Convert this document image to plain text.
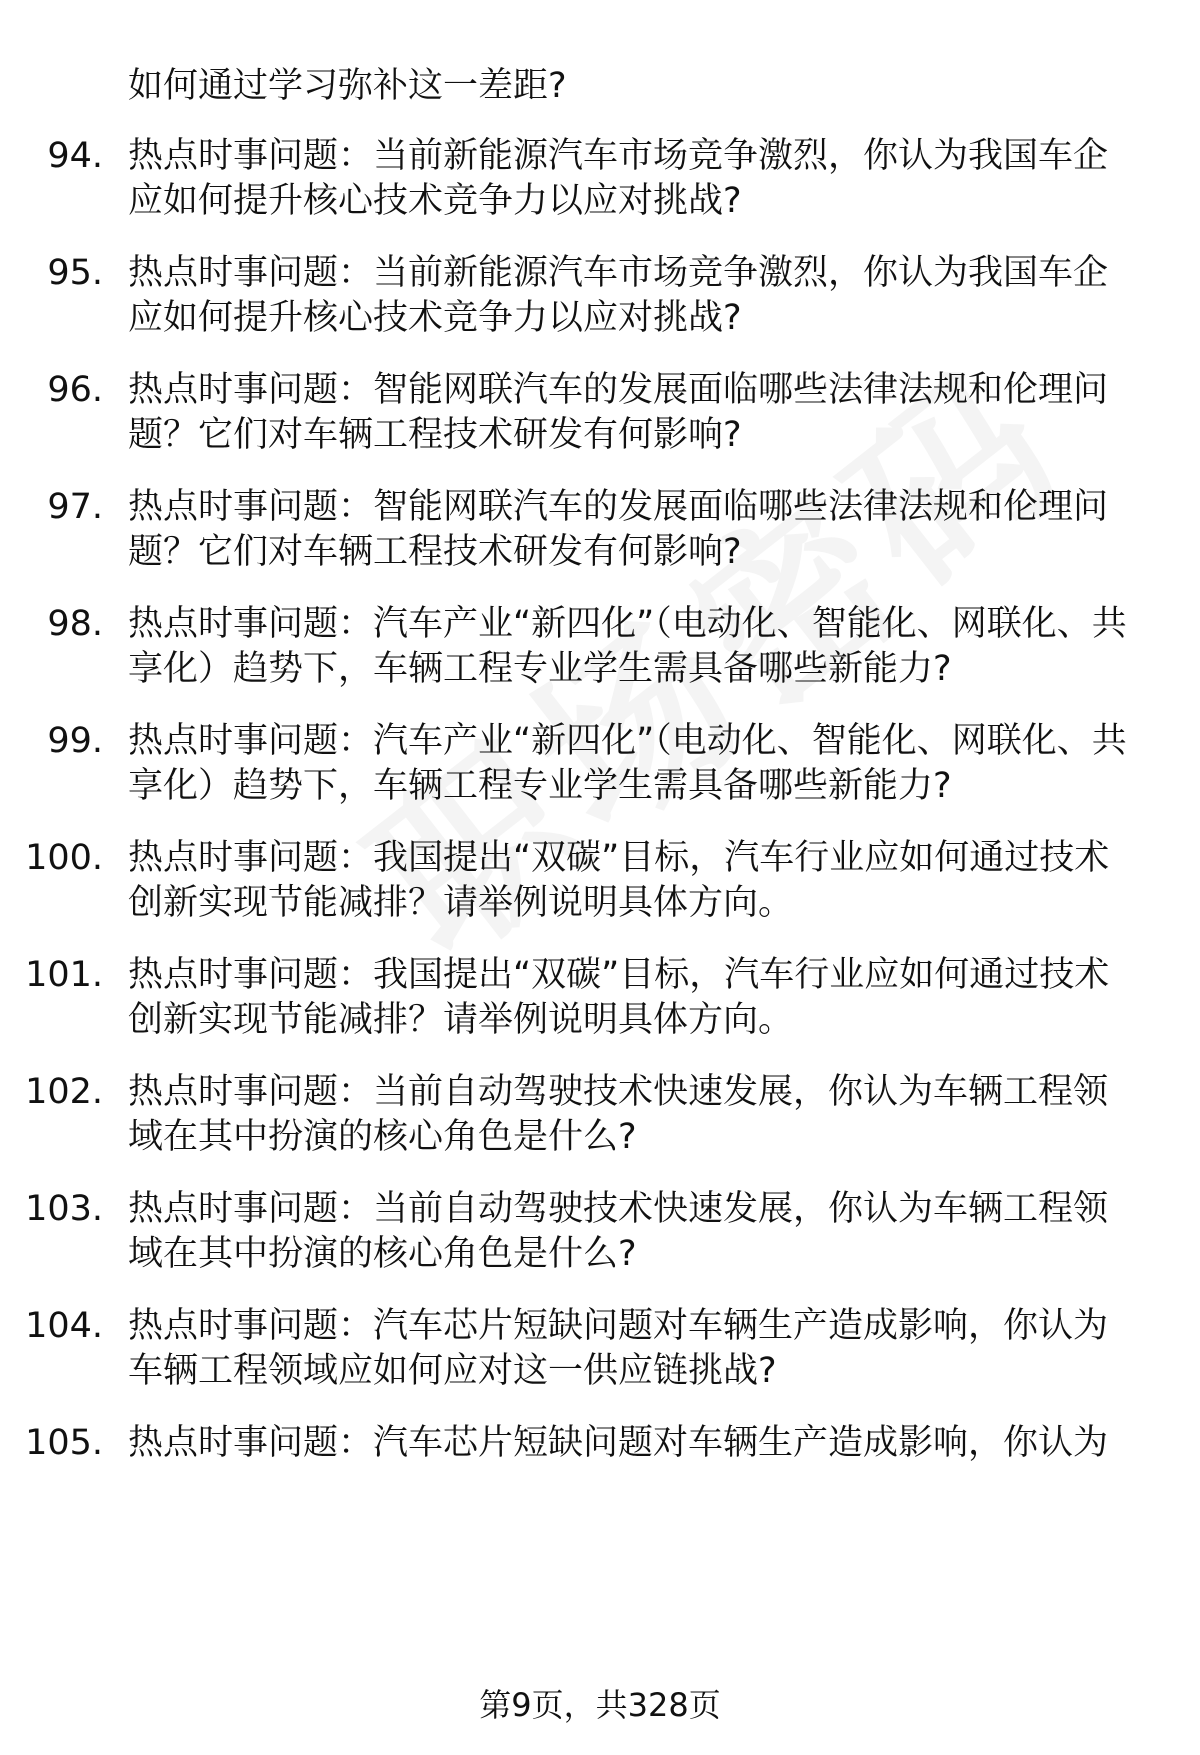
如何通过学习弥补这一差距?
94. 热点时事问题：当前新能源汽车市场竞争激烈，你认为我国车企应如何提升核心技术竞争力以应对挑战?
95. 热点时事问题：当前新能源汽车市场竞争激烈，你认为我国车企应如何提升核心技术竞争力以应对挑战?
96. 热点时事问题：智能网联汽车的发展面临哪些法律法规和伦理问题？它们对车辆工程技术研发有何影响?
97. 热点时事问题：智能网联汽车的发展面临哪些法律法规和伦理问题？它们对车辆工程技术研发有何影响?
98. 热点时事问题：汽车产业“新四化”（电动化、智能化、网联化、共享化）趋势下，车辆工程专业学生需具备哪些新能力?
99. 热点时事问题：汽车产业“新四化”（电动化、智能化、网联化、共享化）趋势下，车辆工程专业学生需具备哪些新能力?
100. 热点时事问题：我国提出“双碳”目标，汽车行业应如何通过技术创新实现节能减排？请举例说明具体方向。
101. 热点时事问题：我国提出“双碳”目标，汽车行业应如何通过技术创新实现节能减排？请举例说明具体方向。
102. 热点时事问题：当前自动驾驶技术快速发展，你认为车辆工程领域在其中扮演的核心角色是什么?
103. 热点时事问题：当前自动驾驶技术快速发展，你认为车辆工程领域在其中扮演的核心角色是什么?
104. 热点时事问题：汽车芯片短缺问题对车辆生产造成影响，你认为车辆工程领域应如何应对这一供应链挑战?
105. 热点时事问题：汽车芯片短缺问题对车辆生产造成影响，你认为
第9页，共328页
